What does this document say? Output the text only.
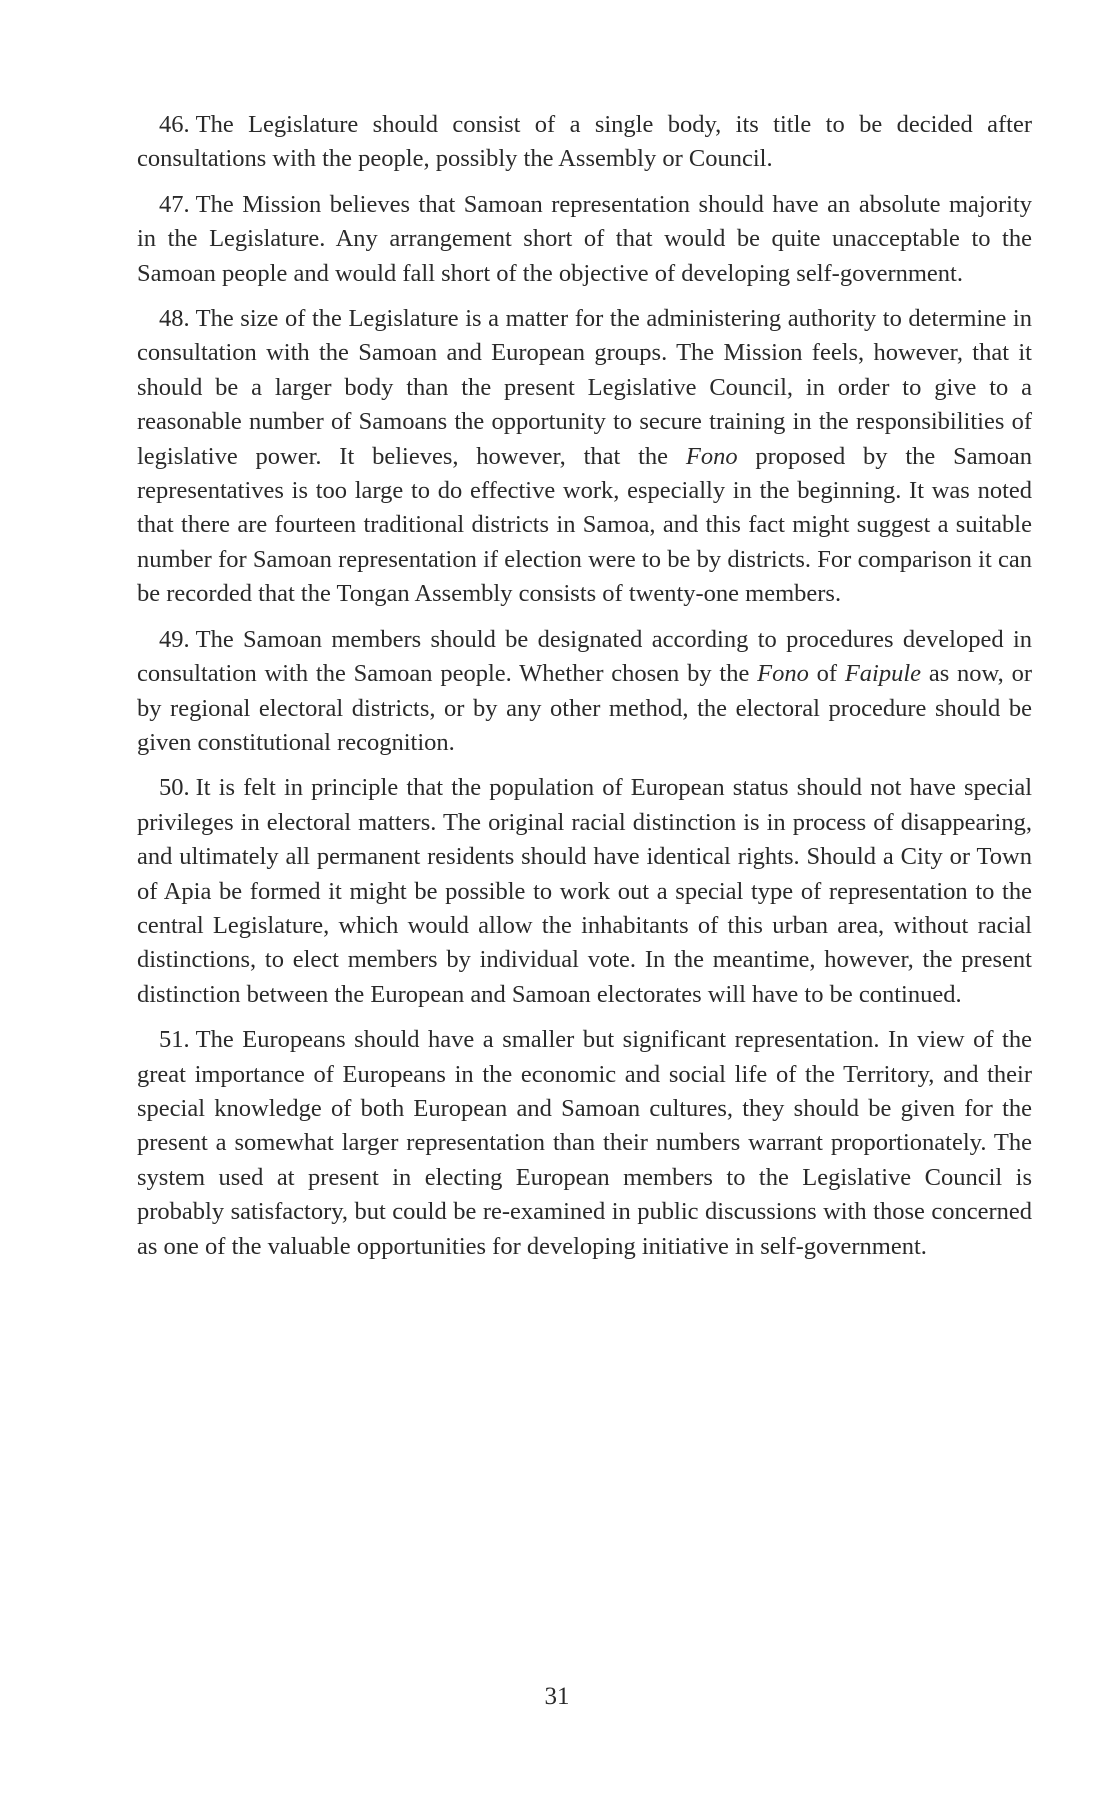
46. The Legislature should consist of a single body, its title to be decided after consultations with the people, possibly the Assembly or Council.

47. The Mission believes that Samoan representation should have an absolute majority in the Legislature. Any arrangement short of that would be quite unacceptable to the Samoan people and would fall short of the objective of developing self-government.

48. The size of the Legislature is a matter for the administering authority to determine in consultation with the Samoan and European groups. The Mission feels, however, that it should be a larger body than the present Legislative Council, in order to give to a reasonable number of Samoans the opportunity to secure training in the responsibilities of legislative power. It believes, however, that the Fono proposed by the Samoan representatives is too large to do effective work, especially in the beginning. It was noted that there are fourteen traditional districts in Samoa, and this fact might suggest a suitable number for Samoan representation if election were to be by districts. For comparison it can be recorded that the Tongan Assembly consists of twenty-one members.

49. The Samoan members should be designated according to procedures developed in consultation with the Samoan people. Whether chosen by the Fono of Faipule as now, or by regional electoral districts, or by any other method, the electoral procedure should be given constitutional recognition.

50. It is felt in principle that the population of European status should not have special privileges in electoral matters. The original racial distinction is in process of disappearing, and ultimately all permanent residents should have identical rights. Should a City or Town of Apia be formed it might be possible to work out a special type of representation to the central Legislature, which would allow the inhabitants of this urban area, without racial distinctions, to elect members by individual vote. In the meantime, however, the present distinction between the European and Samoan electorates will have to be continued.

51. The Europeans should have a smaller but significant representation. In view of the great importance of Europeans in the economic and social life of the Territory, and their special knowledge of both European and Samoan cultures, they should be given for the present a somewhat larger representation than their numbers warrant proportionately. The system used at present in electing European members to the Legislative Council is probably satisfactory, but could be re-examined in public discussions with those concerned as one of the valuable opportunities for developing initiative in self-government.

31
